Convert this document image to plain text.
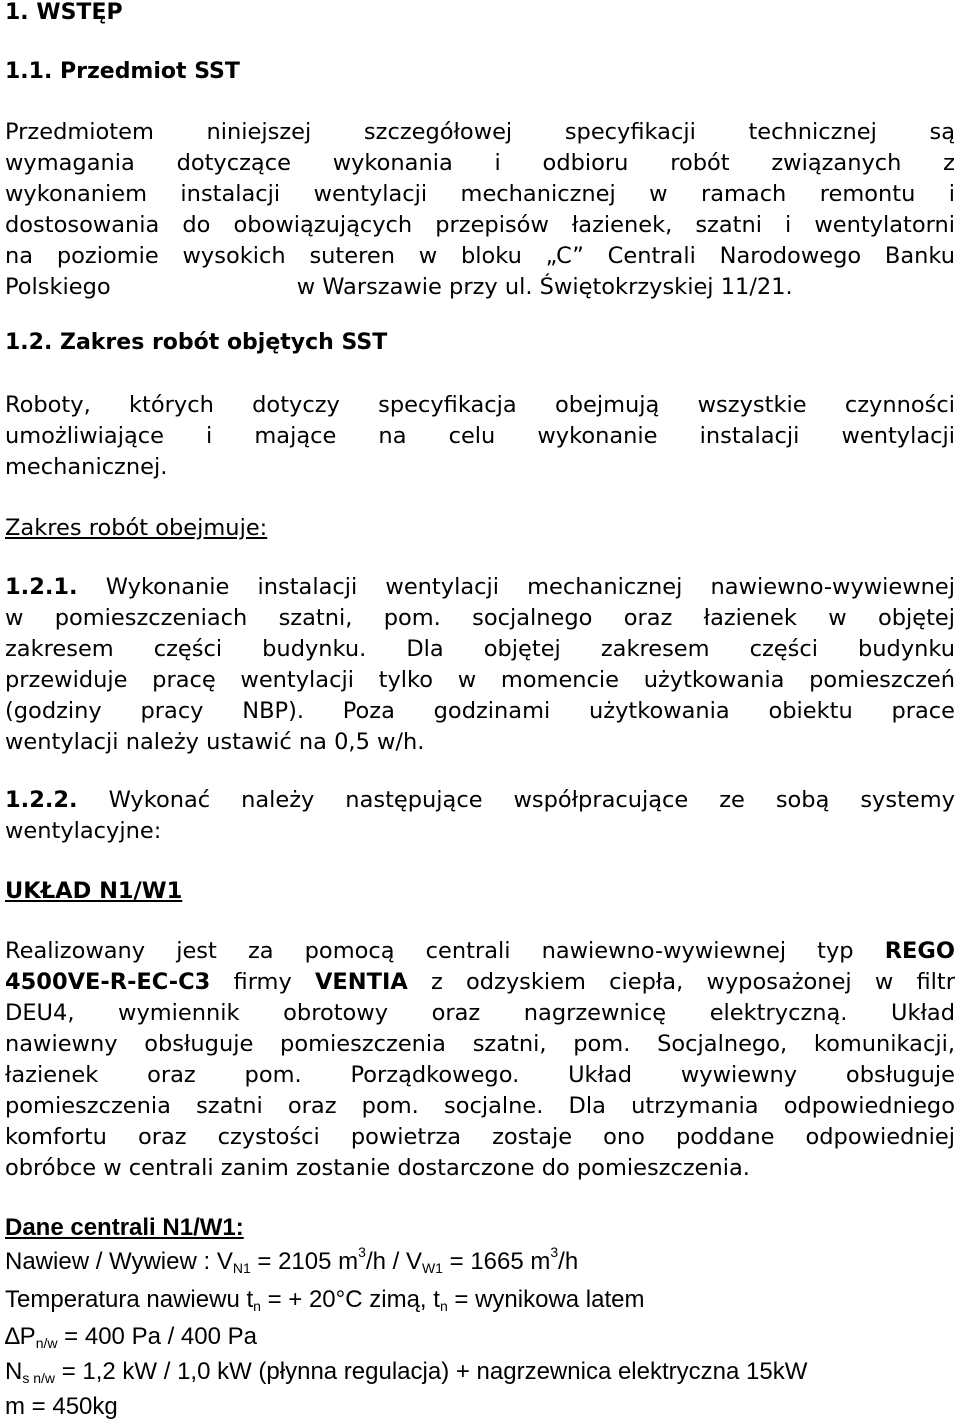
1. WSTĘP
1.1. Przedmiot SST
Przedmiotem niniejszej szczegółowej specyfikacji technicznej są
wymagania dotyczące wykonania i odbioru robót związanych z
wykonaniem instalacji wentylacji mechanicznej w ramach remontu i
dostosowania do obowiązujących przepisów łazienek, szatni i wentylatorni
na poziomie wysokich suteren w bloku „C” Centrali Narodowego Banku
Polskiego	w Warszawie przy ul. Świętokrzyskiej 11/21.
1.2. Zakres robót objętych SST
Roboty, których dotyczy specyfikacja obejmują wszystkie czynności
umożliwiające i mające na celu wykonanie instalacji wentylacji
mechanicznej.
Zakres robót obejmuje:
1.2.1. Wykonanie instalacji wentylacji mechanicznej nawiewno-wywiewnej
w pomieszczeniach szatni, pom. socjalnego oraz łazienek w objętej
zakresem części budynku. Dla objętej zakresem części budynku
przewiduje pracę wentylacji tylko w momencie użytkowania pomieszczeń
(godziny pracy NBP). Poza godzinami użytkowania obiektu prace
wentylacji należy ustawić na 0,5 w/h.
1.2.2. Wykonać należy następujące współpracujące ze sobą systemy
wentylacyjne:
UKŁAD N1/W1
Realizowany jest za pomocą centrali nawiewno-wywiewnej typ REGO
4500VE-R-EC-C3 firmy VENTIA z odzyskiem ciepła, wyposażonej w filtr
DEU4, wymiennik obrotowy oraz nagrzewnicę elektryczną. Układ
nawiewny obsługuje pomieszczenia szatni, pom. Socjalnego, komunikacji,
łazienek oraz pom. Porządkowego. Układ wywiewny obsługuje
pomieszczenia szatni oraz pom. socjalne. Dla utrzymania odpowiedniego
komfortu oraz czystości powietrza zostaje ono poddane odpowiedniej
obróbce w centrali zanim zostanie dostarczone do pomieszczenia.
Dane centrali N1/W1:
Nawiew / Wywiew : $V_{N1} = 2105$ $m^3/h / V_{W1} = 1665$ $m^3/h$
Temperatura nawiewu $t_n$ = + 20°C zimą, $t_n$ = wynikowa latem
$\Delta P_{n/w} = 400$ Pa / 400 Pa
$N_{s n/w} = 1,2$ kW / 1,0 kW (płynna regulacja) + nagrzewnica elektryczna 15kW
m = 450kg
